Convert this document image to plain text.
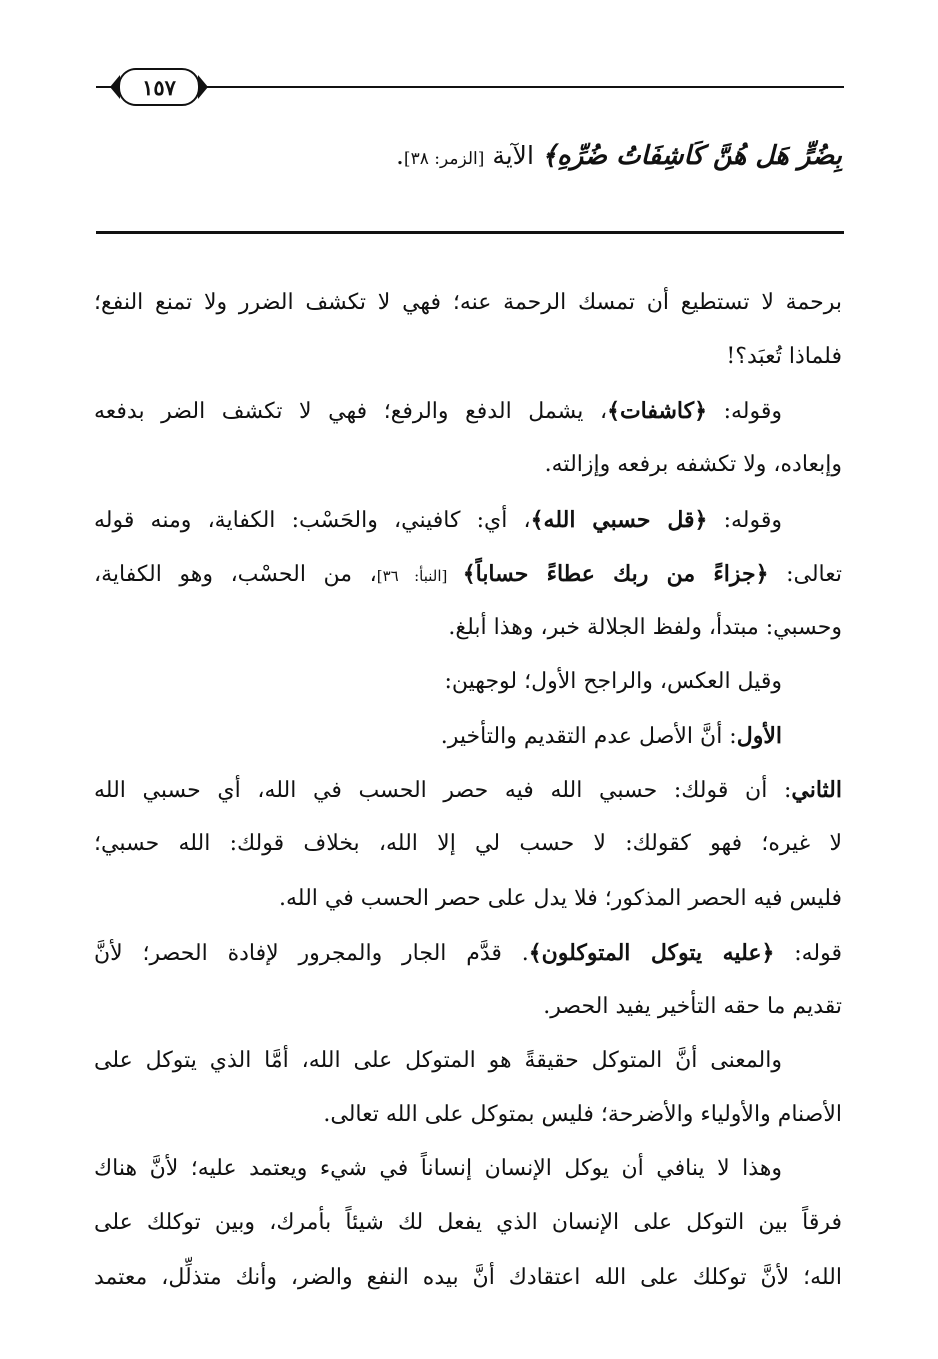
١٥٧
بِضُرٍّ هَل هُنَّ كَاشِفَاتُ ضُرِّهِ﴾ الآية [الزمر: ٣٨].
برحمة لا تستطيع أن تمسك الرحمة عنه؛ فهي لا تكشف الضرر ولا تمنع النفع؛
فلماذا تُعبَد؟!
وقوله: ﴿كاشفات﴾، يشمل الدفع والرفع؛ فهي لا تكشف الضر بدفعه
وإبعاده، ولا تكشفه برفعه وإزالته.
وقوله: ﴿قل حسبي الله﴾، أي: كافيني، والحَسْب: الكفاية، ومنه قوله
تعالى: ﴿جزاءً من ربك عطاءً حساباً﴾ [النبأ: ٣٦]، من الحسْب، وهو الكفاية،
وحسبي: مبتدأ، ولفظ الجلالة خبر، وهذا أبلغ.
وقيل العكس، والراجح الأول؛ لوجهين:
الأول: أنَّ الأصل عدم التقديم والتأخير.
الثاني: أن قولك: حسبي الله فيه حصر الحسب في الله، أي حسبي الله
لا غيره؛ فهو كقولك: لا حسب لي إلا الله، بخلاف قولك: الله حسبي؛
فليس فيه الحصر المذكور؛ فلا يدل على حصر الحسب في الله.
قوله: ﴿عليه يتوكل المتوكلون﴾. قدَّم الجار والمجرور لإفادة الحصر؛ لأنَّ
تقديم ما حقه التأخير يفيد الحصر.
والمعنى أنَّ المتوكل حقيقةً هو المتوكل على الله، أمَّا الذي يتوكل على
الأصنام والأولياء والأضرحة؛ فليس بمتوكل على الله تعالى.
وهذا لا ينافي أن يوكل الإنسان إنساناً في شيء ويعتمد عليه؛ لأنَّ هناك
فرقاً بين التوكل على الإنسان الذي يفعل لك شيئاً بأمرك، وبين توكلك على
الله؛ لأنَّ توكلك على الله اعتقادك أنَّ بيده النفع والضر، وأنك متذلِّل، معتمد
